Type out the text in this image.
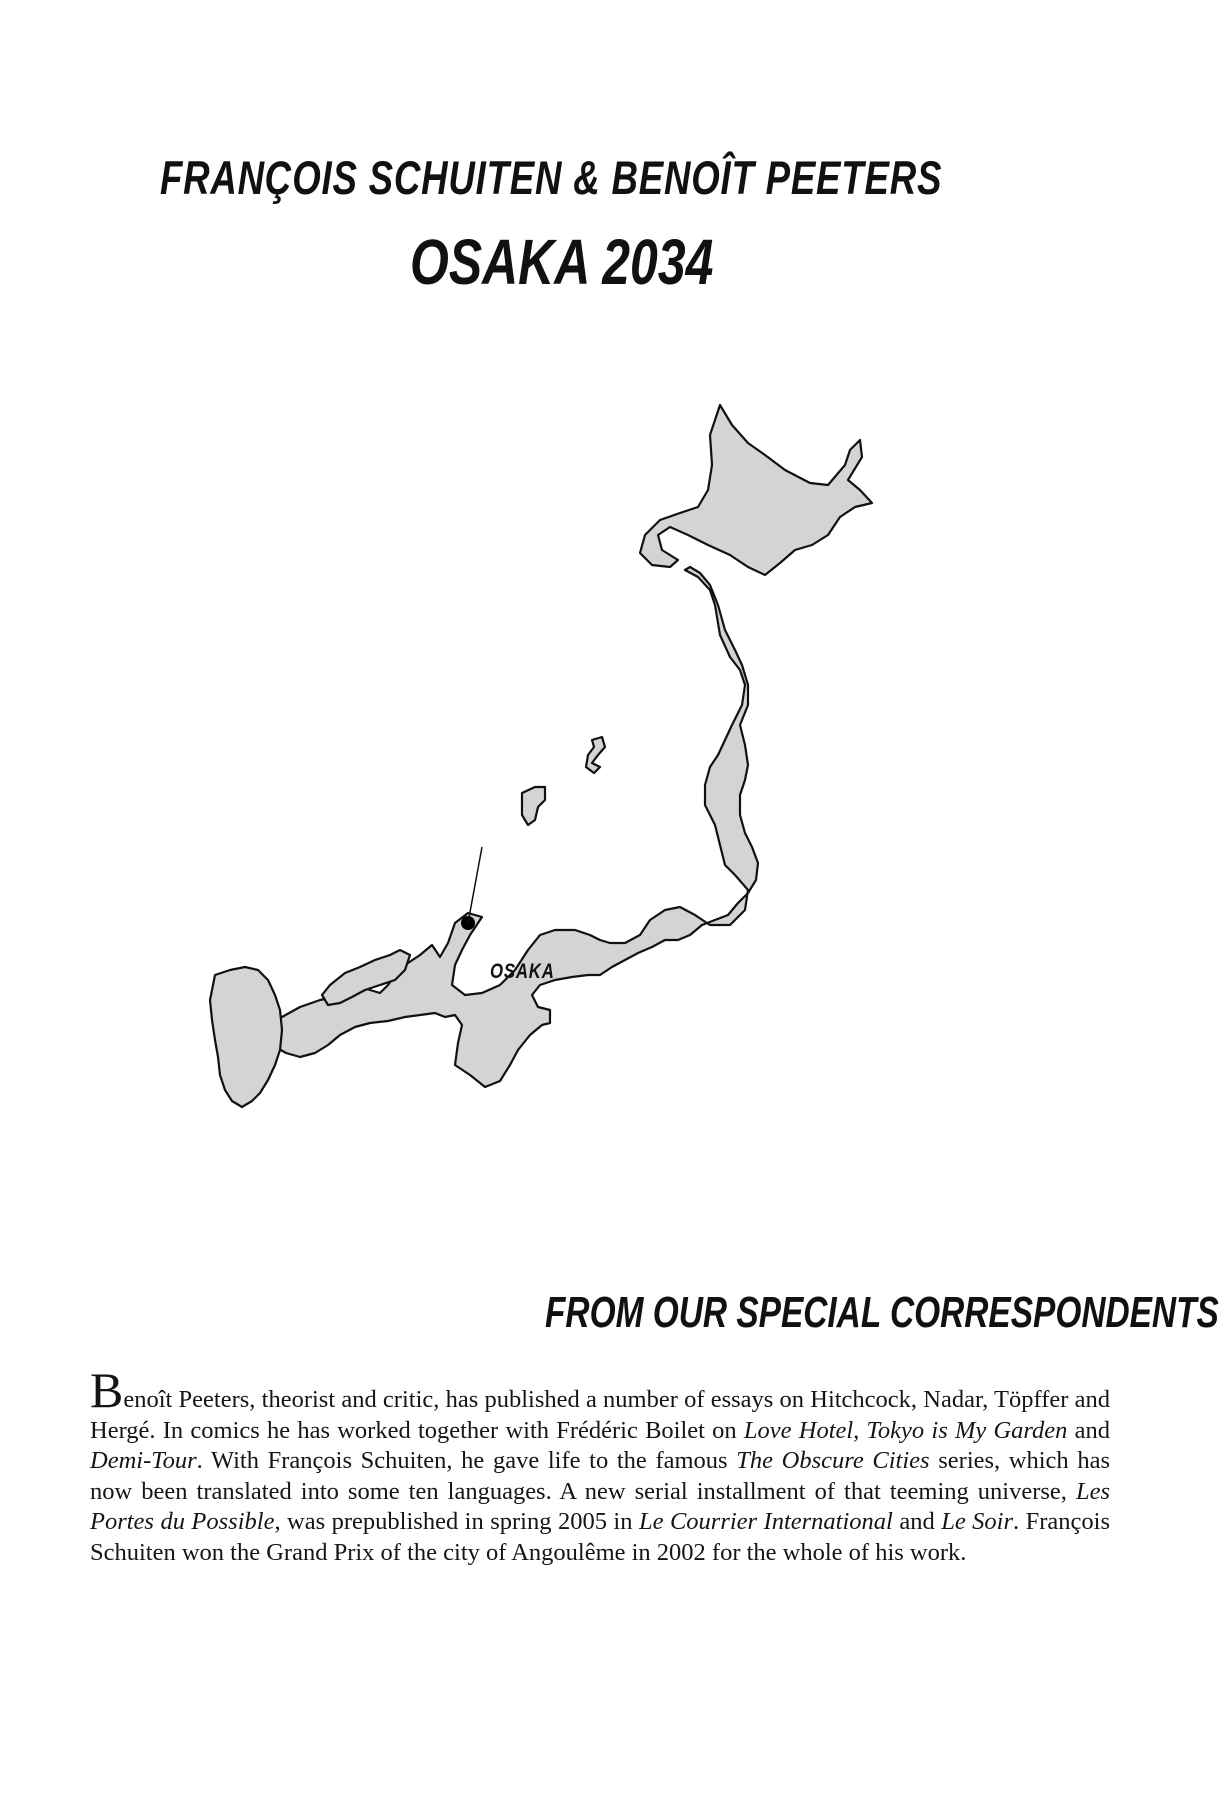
FRANÇOIS SCHUITEN & BENOÎT PEETERS
OSAKA 2034
OSAKA
FROM OUR SPECIAL CORRESPONDENTS
Benoît Peeters, theorist and critic, has published a number of essays on Hitchcock, Nadar, Töpffer and Hergé. In comics he has worked together with Frédéric Boilet on Love Hotel, Tokyo is My Garden and Demi-Tour. With François Schuiten, he gave life to the famous The Obscure Cities series, which has now been translated into some ten languages. A new serial installment of that teeming universe, Les Portes du Possible, was prepublished in spring 2005 in Le Courrier International and Le Soir. François Schuiten won the Grand Prix of the city of Angoulême in 2002 for the whole of his work.
